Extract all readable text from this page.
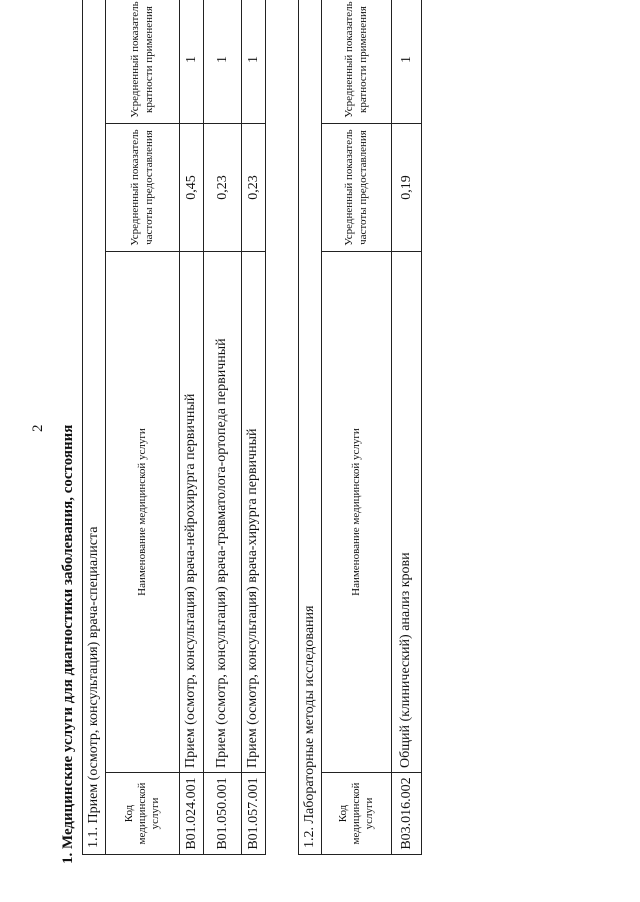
2 1. Медицинские услуги для диагностики заболевания, состояния 1.1. Прием (осмотр, консультация) врача-специалиста			
Код медицинской услуги	Наименование медицинской услуги	Усредненный показатель частоты предоставления	Усредненный показатель кратности применения
B01.024.001	Прием (осмотр, консультация) врача-нейрохирурга первичный	0,45	1
B01.050.001	Прием (осмотр, консультация) врача-травматолога-ортопеда первичный	0,23	1
B01.057.001	Прием (осмотр, консультация) врача-хирурга первичный	0,23	1
1.2. Лабораторные методы исследования			
Код медицинской услуги	Наименование медицинской услуги	Усредненный показатель частоты предоставления	Усредненный показатель кратности применения
B03.016.002	Общий (клинический) анализ крови	0,19	1
